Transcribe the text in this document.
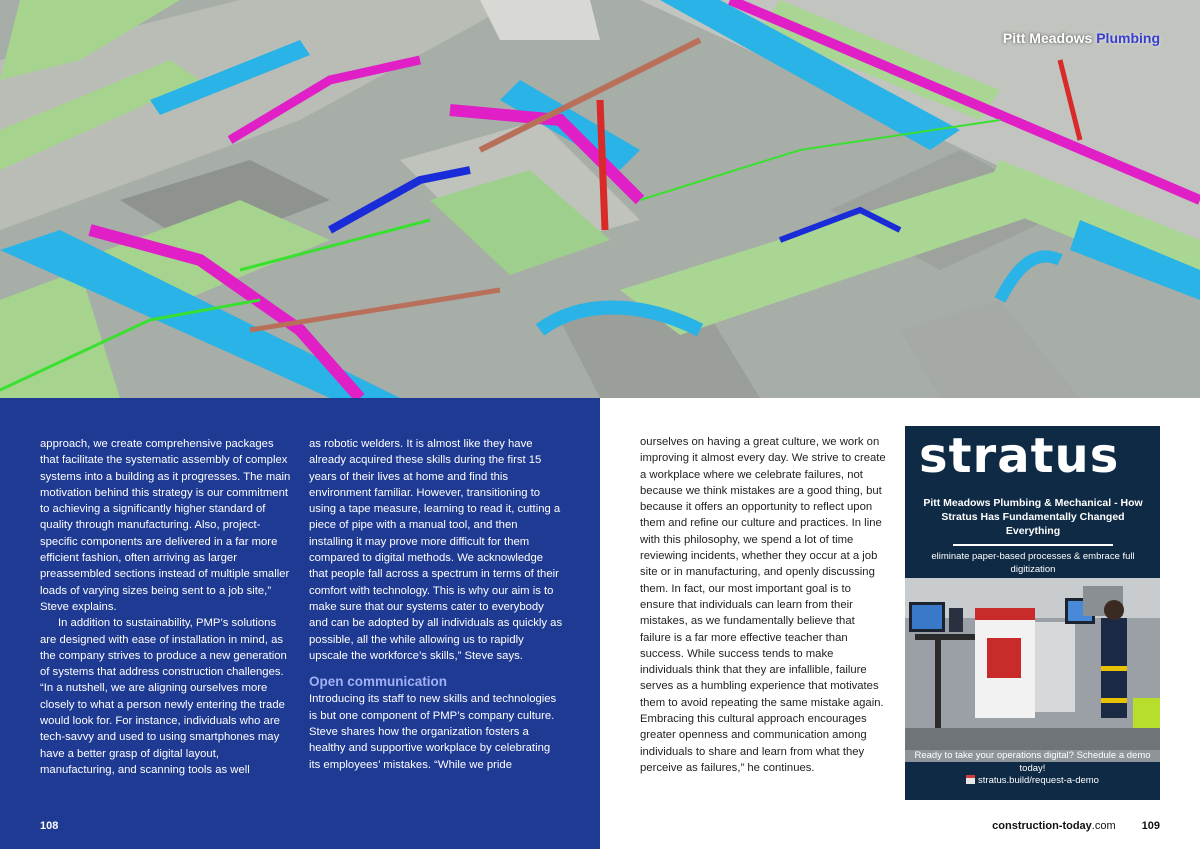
Pitt Meadows Plumbing

approach, we create comprehensive packages that facilitate the systematic assembly of complex systems into a building as it progresses. The main motivation behind this strategy is our commitment to achieving a significantly higher standard of quality through manufacturing. Also, project-specific components are delivered in a far more efficient fashion, often arriving as larger preassembled sections instead of multiple smaller loads of varying sizes being sent to a job site,” Steve explains.

In addition to sustainability, PMP’s solutions are designed with ease of installation in mind, as the company strives to produce a new generation of systems that address construction challenges. “In a nutshell, we are aligning ourselves more closely to what a person newly entering the trade would look for. For instance, individuals who are tech-savvy and used to using smartphones may have a better grasp of digital layout, manufacturing, and scanning tools as well

as robotic welders. It is almost like they have already acquired these skills during the first 15 years of their lives at home and find this environment familiar. However, transitioning to using a tape measure, learning to read it, cutting a piece of pipe with a manual tool, and then installing it may prove more difficult for them compared to digital methods. We acknowledge that people fall across a spectrum in terms of their comfort with technology. This is why our aim is to make sure that our systems cater to everybody and can be adopted by all individuals as quickly as possible, all the while allowing us to rapidly upscale the workforce’s skills,” Steve says.

Open communication

Introducing its staff to new skills and technologies is but one component of PMP’s company culture. Steve shares how the organization fosters a healthy and supportive workplace by celebrating its employees’ mistakes. “While we pride

108

ourselves on having a great culture, we work on improving it almost every day. We strive to create a workplace where we celebrate failures, not because we think mistakes are a good thing, but because it offers an opportunity to reflect upon them and refine our culture and practices. In line with this philosophy, we spend a lot of time reviewing incidents, whether they occur at a job site or in manufacturing, and openly discussing them. In fact, our most important goal is to ensure that individuals can learn from their mistakes, as we fundamentally believe that failure is a far more effective teacher than success. While success tends to make individuals think that they are infallible, failure serves as a humbling experience that motivates them to avoid repeating the same mistake again. Embracing this cultural approach encourages greater openness and communication among individuals to share and learn from what they perceive as failures,” he continues.

stratus
Pitt Meadows Plumbing & Mechanical - How Stratus Has Fundamentally Changed Everything
eliminate paper-based processes & embrace full digitization
Ready to take your operations digital? Schedule a demo today!
stratus.build/request-a-demo
construction-today.com 109
